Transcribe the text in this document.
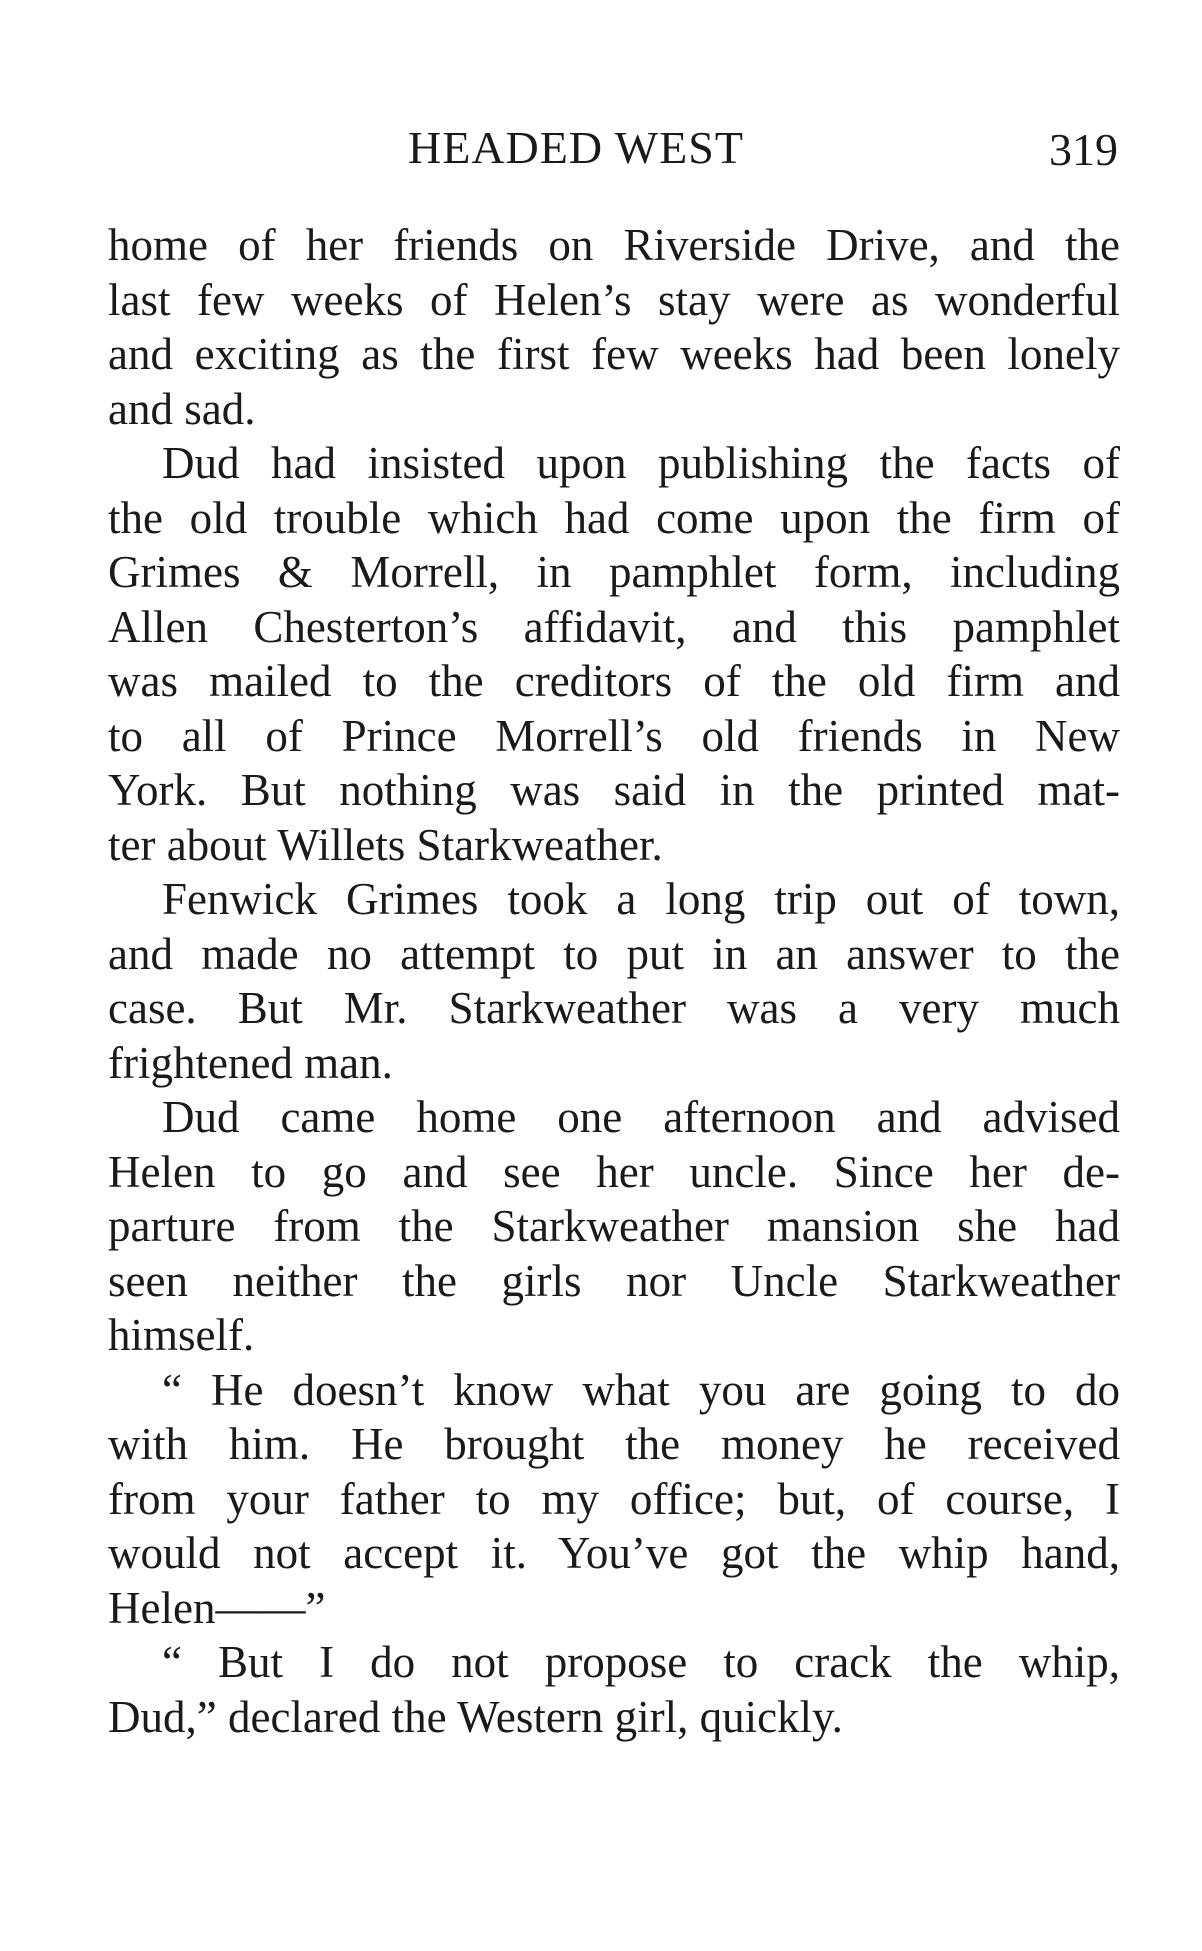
HEADED WEST	319
home of her friends on Riverside Drive, and the
last few weeks of Helen’s stay were as wonderful
and exciting as the first few weeks had been lonely
and sad.
Dud had insisted upon publishing the facts of
the old trouble which had come upon the firm of
Grimes & Morrell, in pamphlet form, including
Allen Chesterton’s affidavit, and this pamphlet
was mailed to the creditors of the old firm and
to all of Prince Morrell’s old friends in New
York. But nothing was said in the printed mat-
ter about Willets Starkweather.
Fenwick Grimes took a long trip out of town,
and made no attempt to put in an answer to the
case. But Mr. Starkweather was a very much
frightened man.
Dud came home one afternoon and advised
Helen to go and see her uncle. Since her de-
parture from the Starkweather mansion she had
seen neither the girls nor Uncle Starkweather
himself.
“ He doesn’t know what you are going to do
with him. He brought the money he received
from your father to my office; but, of course, I
would not accept it. You’ve got the whip hand,
Helen——”
“ But I do not propose to crack the whip,
Dud,” declared the Western girl, quickly.
